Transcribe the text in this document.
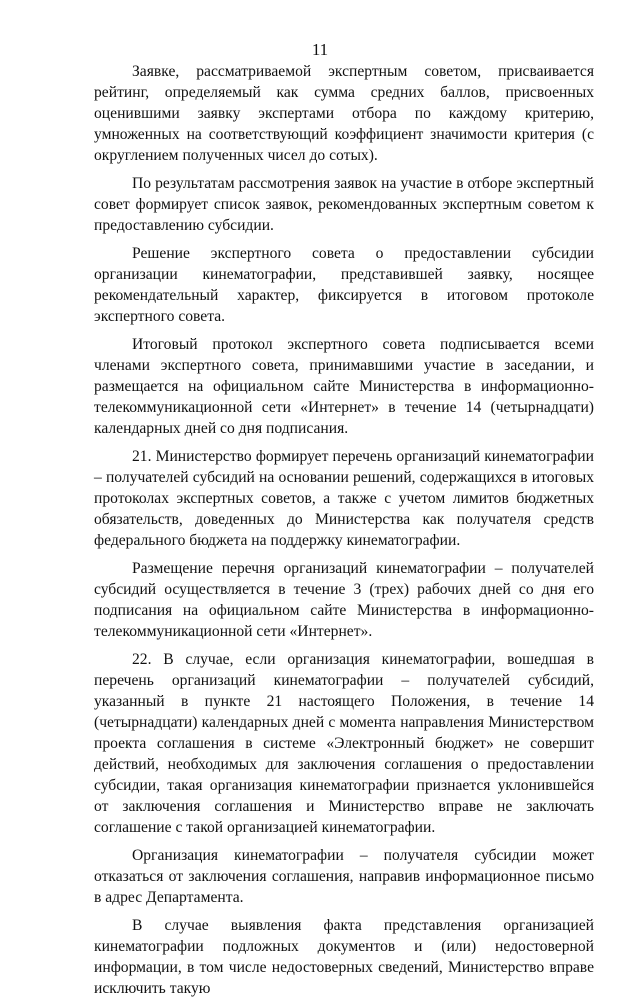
11

Заявке, рассматриваемой экспертным советом, присваивается рейтинг, определяемый как сумма средних баллов, присвоенных оценившими заявку экспертами отбора по каждому критерию, умноженных на соответствующий коэффициент значимости критерия (с округлением полученных чисел до сотых).

По результатам рассмотрения заявок на участие в отборе экспертный совет формирует список заявок, рекомендованных экспертным советом к предоставлению субсидии.

Решение экспертного совета о предоставлении субсидии организации кинематографии, представившей заявку, носящее рекомендательный характер, фиксируется в итоговом протоколе экспертного совета.

Итоговый протокол экспертного совета подписывается всеми членами экспертного совета, принимавшими участие в заседании, и размещается на официальном сайте Министерства в информационно-телекоммуникационной сети «Интернет» в течение 14 (четырнадцати) календарных дней со дня подписания.

21. Министерство формирует перечень организаций кинематографии – получателей субсидий на основании решений, содержащихся в итоговых протоколах экспертных советов, а также с учетом лимитов бюджетных обязательств, доведенных до Министерства как получателя средств федерального бюджета на поддержку кинематографии.

Размещение перечня организаций кинематографии – получателей субсидий осуществляется в течение 3 (трех) рабочих дней со дня его подписания на официальном сайте Министерства в информационно-телекоммуникационной сети «Интернет».

22. В случае, если организация кинематографии, вошедшая в перечень организаций кинематографии – получателей субсидий, указанный в пункте 21 настоящего Положения, в течение 14 (четырнадцати) календарных дней с момента направления Министерством проекта соглашения в системе «Электронный бюджет» не совершит действий, необходимых для заключения соглашения о предоставлении субсидии, такая организация кинематографии признается уклонившейся от заключения соглашения и Министерство вправе не заключать соглашение с такой организацией кинематографии.

Организация кинематографии – получателя субсидии может отказаться от заключения соглашения, направив информационное письмо в адрес Департамента.

В случае выявления факта представления организацией кинематографии подложных документов и (или) недостоверной информации, в том числе недостоверных сведений, Министерство вправе исключить такую
